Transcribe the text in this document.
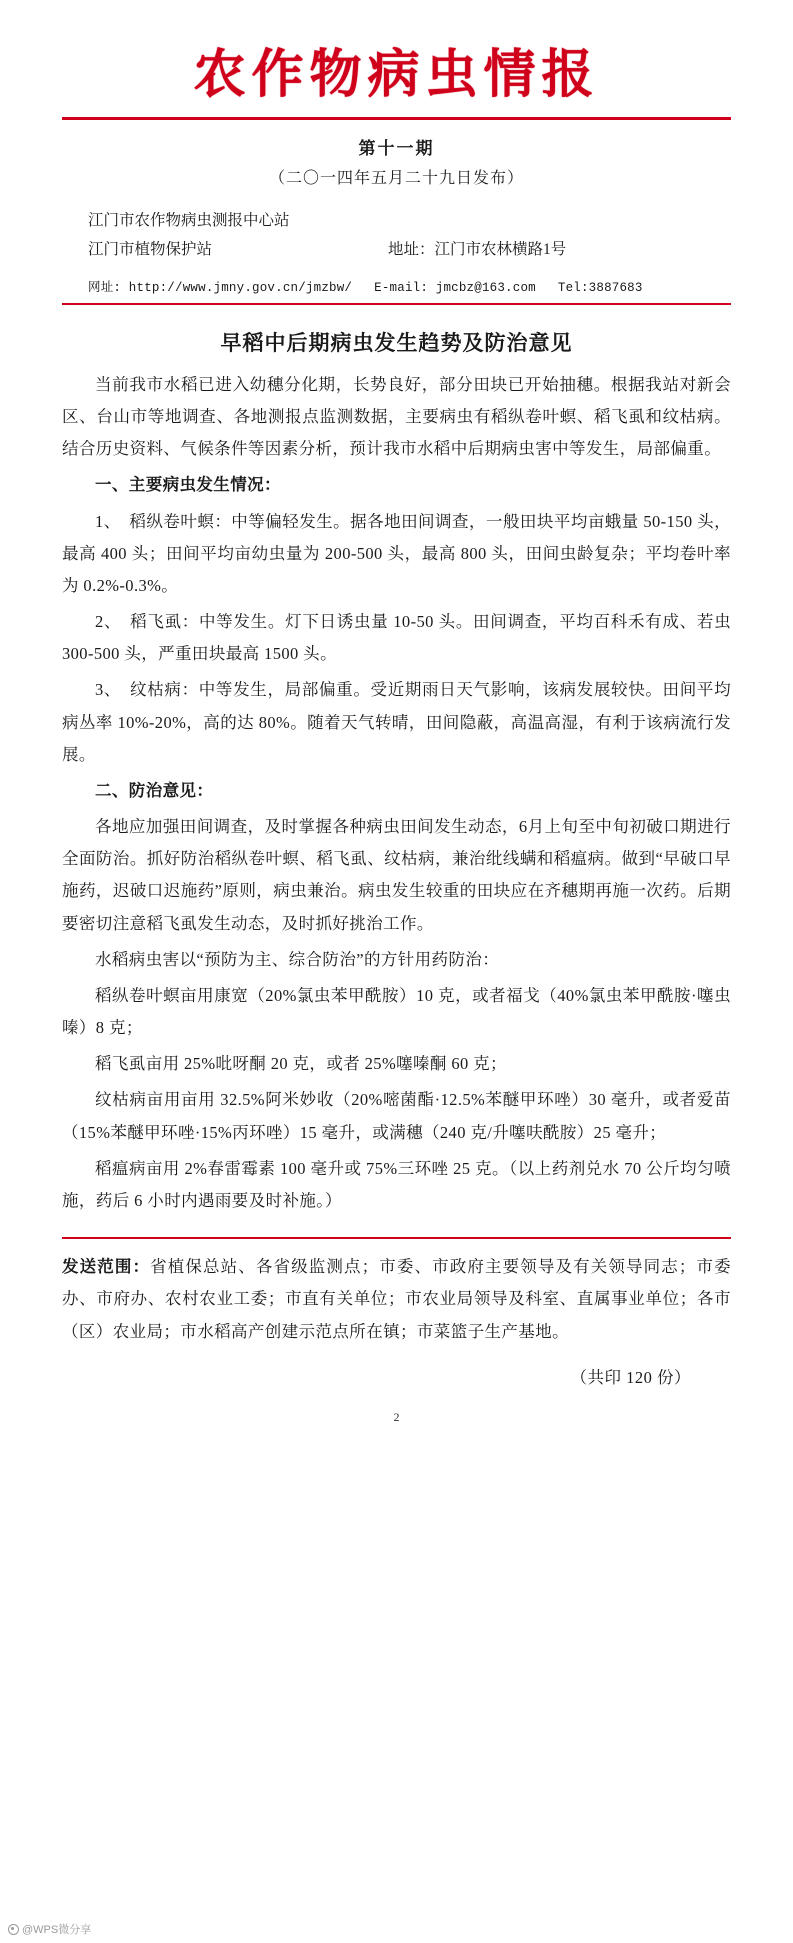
农作物病虫情报
第十一期
（二〇一四年五月二十九日发布）
江门市农作物病虫测报中心站
江门市植物保护站	地址：江门市农林横路1号
网址: http://www.jmny.gov.cn/jmzbw/ E-mail: jmcbz@163.com Tel:3887683
早稻中后期病虫发生趋势及防治意见

当前我市水稻已进入幼穗分化期，长势良好，部分田块已开始抽穗。根据我站对新会区、台山市等地调查、各地测报点监测数据，主要病虫有稻纵卷叶螟、稻飞虱和纹枯病。结合历史资料、气候条件等因素分析，预计我市水稻中后期病虫害中等发生，局部偏重。

一、主要病虫发生情况：

1、　稻纵卷叶螟：中等偏轻发生。据各地田间调查，一般田块平均亩蛾量 50-150 头，最高 400 头；田间平均亩幼虫量为 200-500 头，最高 800 头，田间虫龄复杂；平均卷叶率为 0.2%-0.3%。

2、　稻飞虱：中等发生。灯下日诱虫量 10-50 头。田间调查，平均百科禾有成、若虫 300-500 头，严重田块最高 1500 头。

3、　纹枯病：中等发生，局部偏重。受近期雨日天气影响，该病发展较快。田间平均病丛率 10%-20%，高的达 80%。随着天气转晴，田间隐蔽，高温高湿，有利于该病流行发展。

二、防治意见：

各地应加强田间调查，及时掌握各种病虫田间发生动态，6月上旬至中旬初破口期进行全面防治。抓好防治稻纵卷叶螟、稻飞虱、纹枯病，兼治纰线螨和稻瘟病。做到“早破口早施药，迟破口迟施药”原则，病虫兼治。病虫发生较重的田块应在齐穗期再施一次药。后期要密切注意稻飞虱发生动态，及时抓好挑治工作。

水稻病虫害以“预防为主、综合防治”的方针用药防治：

稻纵卷叶螟亩用康宽（20%氯虫苯甲酰胺）10 克，或者福戈（40%氯虫苯甲酰胺·噻虫嗪）8 克；

稻飞虱亩用 25%吡呀酮 20 克，或者 25%噻嗪酮 60 克；

纹枯病亩用亩用 32.5%阿米妙收（20%嘧菌酯·12.5%苯醚甲环唑）30 毫升，或者爱苗（15%苯醚甲环唑·15%丙环唑）15 毫升，或满穗（240 克/升噻呋酰胺）25 毫升；

稻瘟病亩用 2%春雷霉素 100 毫升或 75%三环唑 25 克。（以上药剂兑水 70 公斤均匀喷施，药后 6 小时内遇雨要及时补施。）

发送范围：省植保总站、各省级监测点；市委、市政府主要领导及有关领导同志；市委办、市府办、农村农业工委；市直有关单位；市农业局领导及科室、直属事业单位；各市（区）农业局；市水稻高产创建示范点所在镇；市菜篮子生产基地。

（共印 120 份）
2
@WPS微分享
